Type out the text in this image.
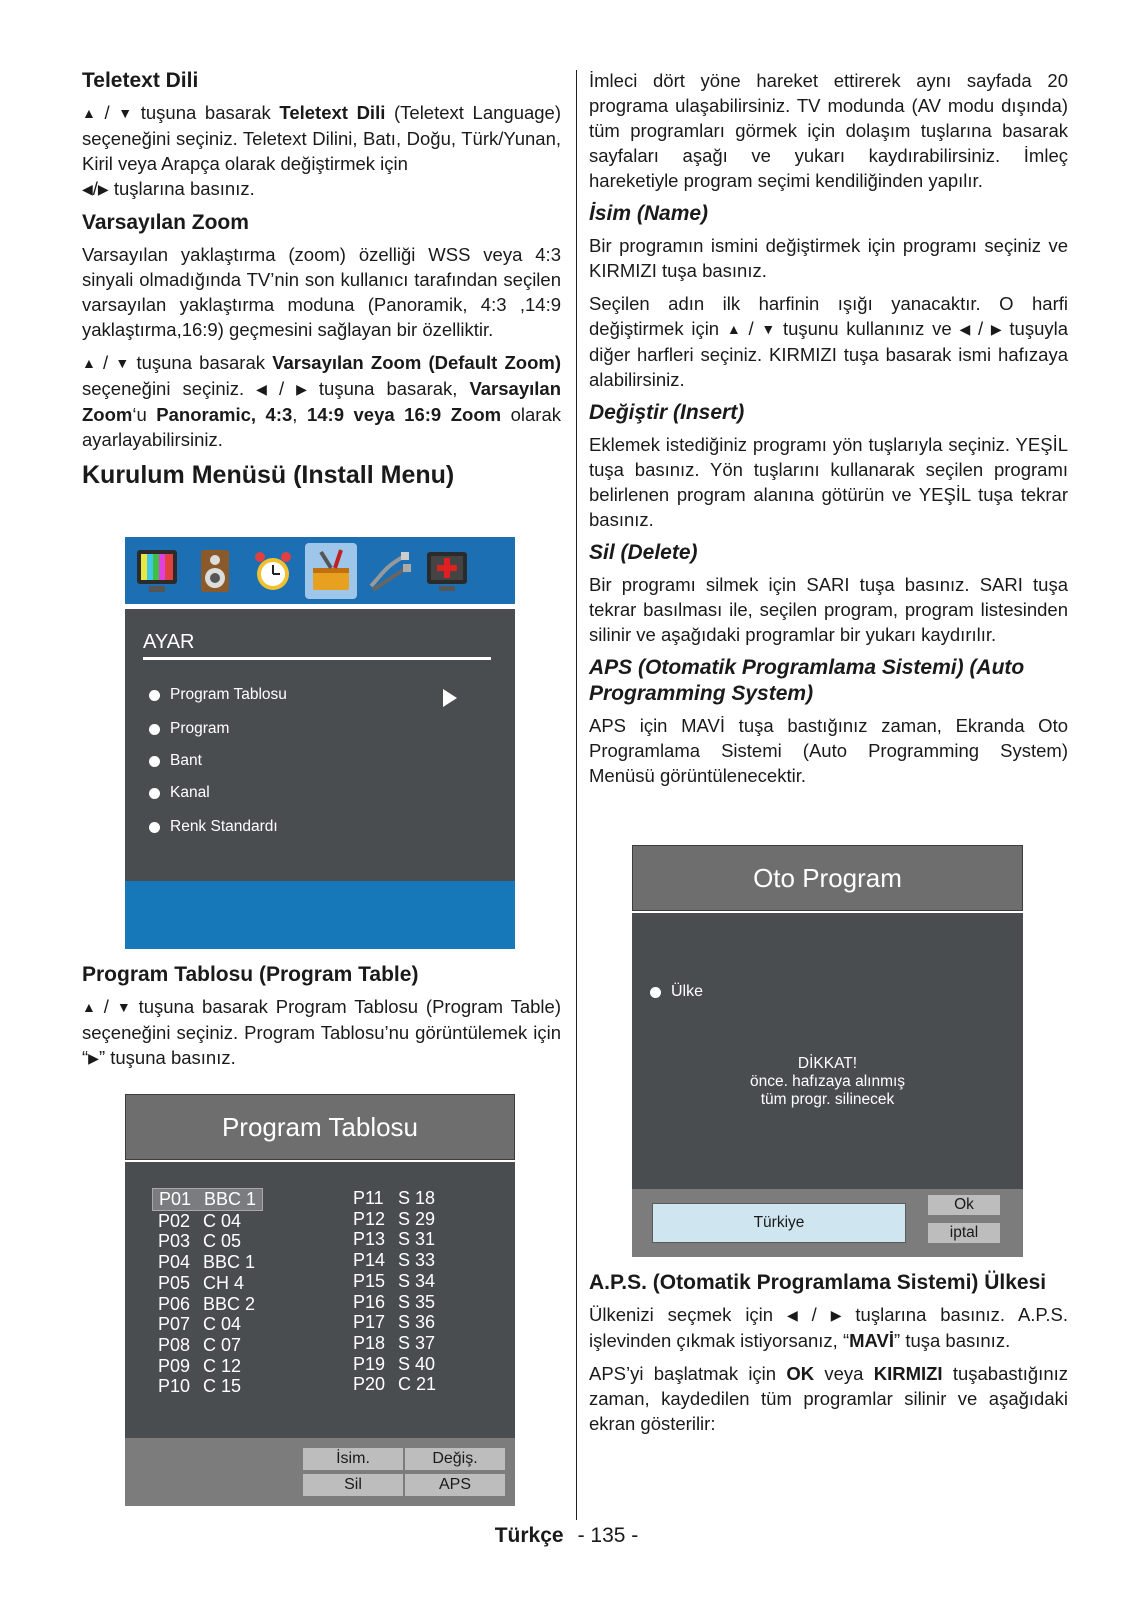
Teletext Dili

▲ / ▼ tuşuna basarak Teletext Dili (Teletext Language) seçeneğini seçiniz. Teletext Dilini, Batı, Doğu, Türk/Yunan, Kiril veya Arapça olarak değiştirmek için
◀/▶ tuşlarına basınız.

Varsayılan Zoom

Varsayılan yaklaştırma (zoom) özelliği WSS veya 4:3 sinyali olmadığında TV’nin son kullanıcı tarafından seçilen varsayılan yaklaştırma moduna (Panoramik, 4:3 ,14:9 yaklaştırma,16:9) geçmesini sağlayan bir özelliktir.

▲ / ▼ tuşuna basarak Varsayılan Zoom (Default Zoom) seçeneğini seçiniz. ◀ / ▶ tuşuna basarak, Varsayılan Zoom‘u Panoramic, 4:3, 14:9 veya 16:9 Zoom olarak ayarlayabilirsiniz.

Kurulum Menüsü (Install Menu)
AYAR
Program Tablosu
Program
Bant
Kanal
Renk Standardı
Program Tablosu (Program Table)

▲ / ▼ tuşuna basarak Program Tablosu (Program Table) seçeneğini seçiniz. Program Tablosu’nu görüntülemek için “▶” tuşuna basınız.

Program Tablosu
P01 BBC 1
P02 C 04
P03 C 05
P04 BBC 1
P05 CH 4
P06 BBC 2
P07 C 04
P08 C 07
P09 C 12
P10 C 15
P11 S 18
P12 S 29
P13 S 31
P14 S 33
P15 S 34
P16 S 35
P17 S 36
P18 S 37
P19 S 40
P20 C 21
İsim.	Değiş.
Sil	APS

İmleci dört yöne hareket ettirerek aynı sayfada 20 programa ulaşabilirsiniz. TV modunda (AV modu dışında) tüm programları görmek için dolaşım tuşlarına basarak sayfaları aşağı ve yukarı kaydırabilirsiniz. İmleç hareketiyle program seçimi kendiliğinden yapılır.

İsim (Name)

Bir programın ismini değiştirmek için programı seçiniz ve KIRMIZI tuşa basınız.

Seçilen adın ilk harfinin ışığı yanacaktır. O harfi değiştirmek için ▲ / ▼ tuşunu kullanınız ve ◀ / ▶ tuşuyla diğer harfleri seçiniz. KIRMIZI tuşa basarak ismi hafızaya alabilirsiniz.

Değiştir (Insert)

Eklemek istediğiniz programı yön tuşlarıyla seçiniz. YEŞİL tuşa basınız. Yön tuşlarını kullanarak seçilen programı belirlenen program alanına götürün ve YEŞİL tuşa tekrar basınız.

Sil (Delete)

Bir programı silmek için SARI tuşa basınız. SARI tuşa tekrar basılması ile, seçilen program, program listesinden silinir ve aşağıdaki programlar bir yukarı kaydırılır.

APS (Otomatik Programlama Sistemi) (Auto Programming System)

APS için MAVİ tuşa bastığınız zaman, Ekranda Oto Programlama Sistemi (Auto Programming System) Menüsü görüntülenecektir.

Oto Program
Ülke
DİKKAT!
önce. hafızaya alınmış
tüm progr. silinecek
Türkiye
Ok
iptal
A.P.S. (Otomatik Programlama Sistemi) Ülkesi

Ülkenizi seçmek için ◀ / ▶ tuşlarına basınız. A.P.S. işlevinden çıkmak istiyorsanız, “MAVİ” tuşa basınız.

APS’yi başlatmak için OK veya KIRMIZI tuşabastığınız zaman, kaydedilen tüm programlar silinir ve aşağıdaki ekran gösterilir:

Türkçe - 135 -
